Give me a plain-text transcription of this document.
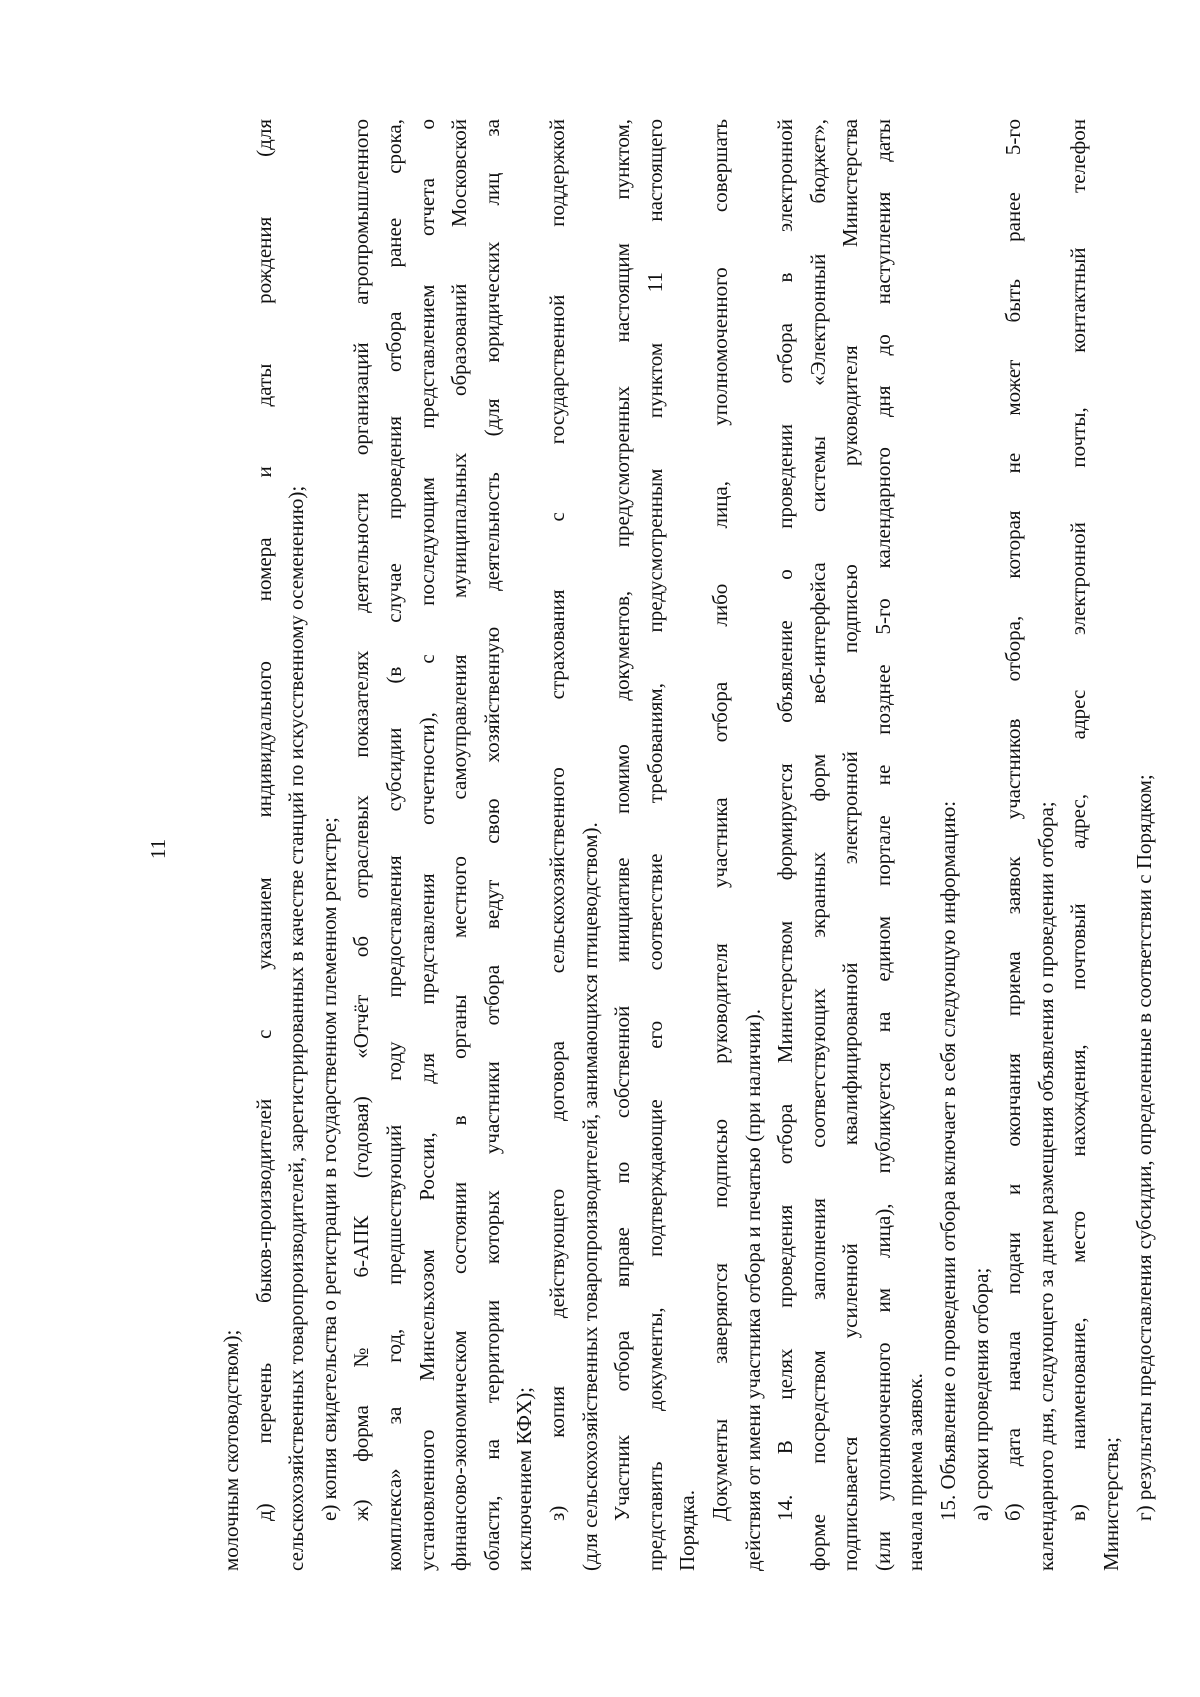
11
молочным скотоводством); д) перечень быков-производителей с указанием индивидуального номера и даты рождения (для сельскохозяйственных товаропроизводителей, зарегистрированных в качестве станций по искусственному осеменению); е) копия свидетельства о регистрации в государственном племенном регистре; ж) форма № 6-АПК (годовая) «Отчёт об отраслевых показателях деятельности организаций агропромышленного комплекса» за год, предшествующий году предоставления субсидии (в случае проведения отбора ранее срока, установленного Минсельхозом России, для представления отчетности), с последующим представлением отчета о финансово-экономическом состоянии в органы местного самоуправления муниципальных образований Московской области, на территории которых участники отбора ведут свою хозяйственную деятельность (для юридических лиц за исключением КФХ); з) копия действующего договора сельскохозяйственного страхования с государственной поддержкой (для сельскохозяйственных товаропроизводителей, занимающихся птицеводством). Участник отбора вправе по собственной инициативе помимо документов, предусмотренных настоящим пунктом, представить документы, подтверждающие его соответствие требованиям, предусмотренным пунктом 11 настоящего Порядка.
Документы заверяются подписью руководителя участника отбора либо лица, уполномоченного совершать действия от имени участника отбора и печатью (при наличии). 14. В целях проведения отбора Министерством формируется объявление о проведении отбора в электронной форме посредством заполнения соответствующих экранных форм веб-интерфейса системы «Электронный бюджет», подписывается усиленной квалифицированной электронной подписью руководителя Министерства (или уполномоченного им лица), публикуется на едином портале не позднее 5-го календарного дня до наступления даты начала приема заявок. 15. Объявление о проведении отбора включает в себя следующую информацию: а) сроки проведения отбора; б) дата начала подачи и окончания приема заявок участников отбора, которая не может быть ранее 5-го календарного дня, следующего за днем размещения объявления о проведении отбора; в) наименование, место нахождения, почтовый адрес, адрес электронной почты, контактный телефон Министерства; г) результаты предоставления субсидии, определенные в соответствии с Порядком;
